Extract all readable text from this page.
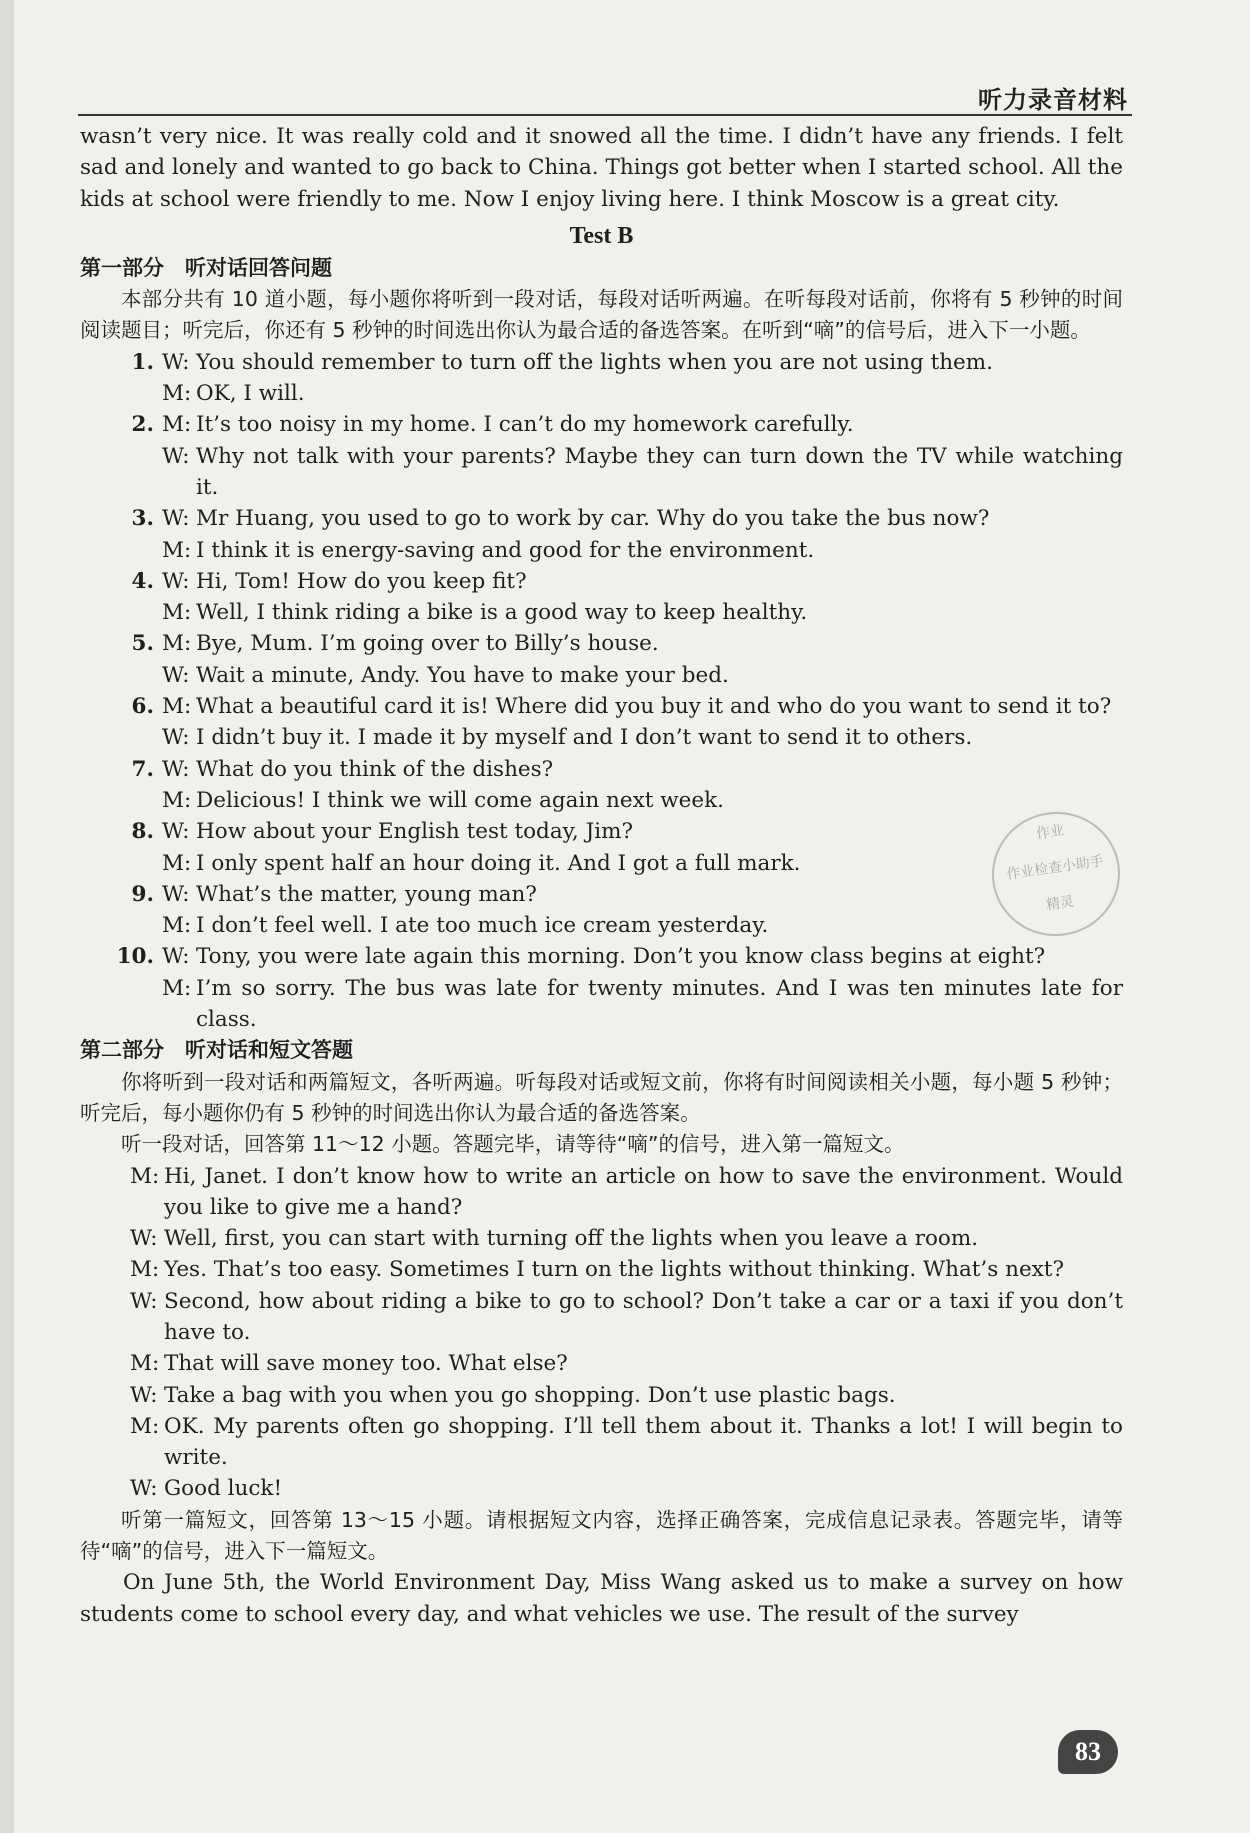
听力录音材料

wasn’t very nice. It was really cold and it snowed all the time. I didn’t have any friends. I felt sad and lonely and wanted to go back to China. Things got better when I started school. All the kids at school were friendly to me. Now I enjoy living here. I think Moscow is a great city.

Test B

第一部分　听对话回答问题

本部分共有 10 道小题，每小题你将听到一段对话，每段对话听两遍。在听每段对话前，你将有 5 秒钟的时间阅读题目；听完后，你还有 5 秒钟的时间选出你认为最合适的备选答案。在听到“嘀”的信号后，进入下一小题。

1. W: You should remember to turn off the lights when you are not using them.
M: OK, I will.
2. M: It’s too noisy in my home. I can’t do my homework carefully.
W: Why not talk with your parents? Maybe they can turn down the TV while watching it.
3. W: Mr Huang, you used to go to work by car. Why do you take the bus now?
M: I think it is energy-saving and good for the environment.
4. W: Hi, Tom! How do you keep fit?
M: Well, I think riding a bike is a good way to keep healthy.
5. M: Bye, Mum. I’m going over to Billy’s house.
W: Wait a minute, Andy. You have to make your bed.
6. M: What a beautiful card it is! Where did you buy it and who do you want to send it to?
W: I didn’t buy it. I made it by myself and I don’t want to send it to others.
7. W: What do you think of the dishes?
M: Delicious! I think we will come again next week.
8. W: How about your English test today, Jim?
M: I only spent half an hour doing it. And I got a full mark.
9. W: What’s the matter, young man?
M: I don’t feel well. I ate too much ice cream yesterday.
10. W: Tony, you were late again this morning. Don’t you know class begins at eight?
M: I’m so sorry. The bus was late for twenty minutes. And I was ten minutes late for class.

第二部分　听对话和短文答题

你将听到一段对话和两篇短文，各听两遍。听每段对话或短文前，你将有时间阅读相关小题，每小题 5 秒钟；听完后，每小题你仍有 5 秒钟的时间选出你认为最合适的备选答案。

听一段对话，回答第 11～12 小题。答题完毕，请等待“嘀”的信号，进入第一篇短文。

M: Hi, Janet. I don’t know how to write an article on how to save the environment. Would you like to give me a hand?
W: Well, first, you can start with turning off the lights when you leave a room.
M: Yes. That’s too easy. Sometimes I turn on the lights without thinking. What’s next?
W: Second, how about riding a bike to go to school? Don’t take a car or a taxi if you don’t have to.
M: That will save money too. What else?
W: Take a bag with you when you go shopping. Don’t use plastic bags.
M: OK. My parents often go shopping. I’ll tell them about it. Thanks a lot! I will begin to write.
W: Good luck!

听第一篇短文，回答第 13～15 小题。请根据短文内容，选择正确答案，完成信息记录表。答题完毕，请等待“嘀”的信号，进入下一篇短文。

On June 5th, the World Environment Day, Miss Wang asked us to make a survey on how students come to school every day, and what vehicles we use. The result of the survey

作业
作业检查小助手
精灵
83
